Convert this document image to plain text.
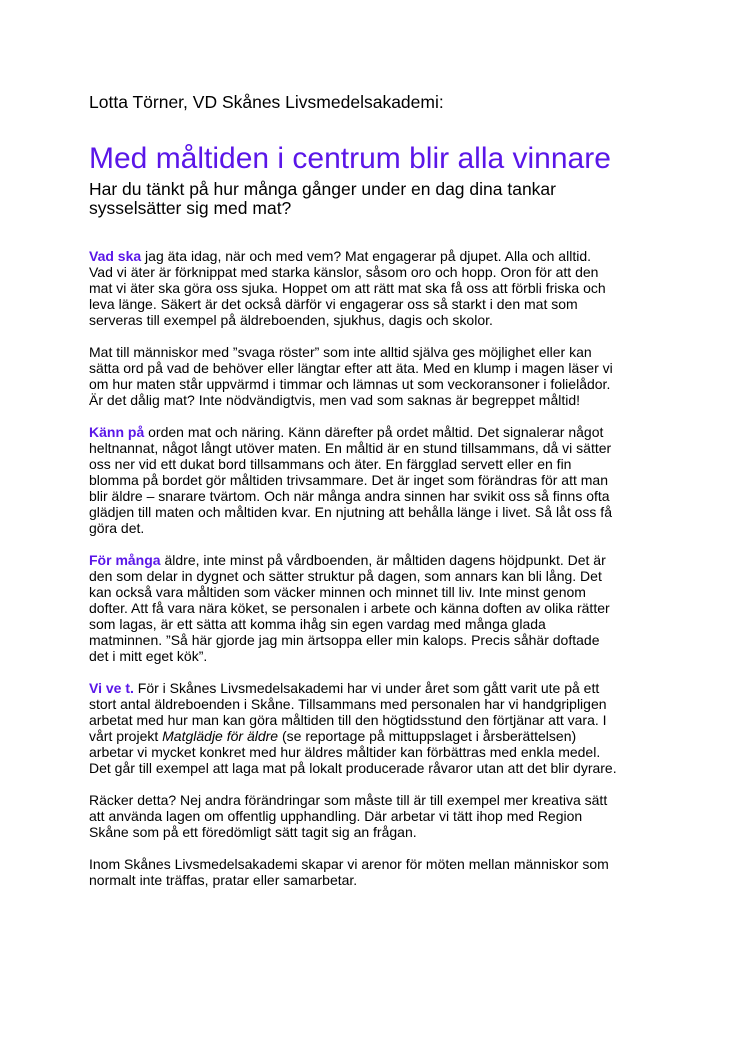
Lotta Törner, VD Skånes Livsmedelsakademi:
Med måltiden i centrum blir alla vinnare
Har du tänkt på hur många gånger under en dag dina tankar
sysselsätter sig med mat?

Vad ska jag äta idag, när och med vem? Mat engagerar på djupet. Alla och alltid.
Vad vi äter är förknippat med starka känslor, såsom oro och hopp. Oron för att den
mat vi äter ska göra oss sjuka. Hoppet om att rätt mat ska få oss att förbli friska och
leva länge. Säkert är det också därför vi engagerar oss så starkt i den mat som
serveras till exempel på äldreboenden, sjukhus, dagis och skolor.

Mat till människor med ”svaga röster” som inte alltid själva ges möjlighet eller kan
sätta ord på vad de behöver eller längtar efter att äta. Med en klump i magen läser vi
om hur maten står uppvärmd i timmar och lämnas ut som veckoransoner i folielådor.
Är det dålig mat? Inte nödvändigtvis, men vad som saknas är begreppet måltid!

Känn på orden mat och näring. Känn därefter på ordet måltid. Det signalerar något
heltnannat, något långt utöver maten. En måltid är en stund tillsammans, då vi sätter
oss ner vid ett dukat bord tillsammans och äter. En färgglad servett eller en fin
blomma på bordet gör måltiden trivsammare. Det är inget som förändras för att man
blir äldre – snarare tvärtom. Och när många andra sinnen har svikit oss så finns ofta
glädjen till maten och måltiden kvar. En njutning att behålla länge i livet. Så låt oss få
göra det.

För många äldre, inte minst på vårdboenden, är måltiden dagens höjdpunkt. Det är
den som delar in dygnet och sätter struktur på dagen, som annars kan bli lång. Det
kan också vara måltiden som väcker minnen och minnet till liv. Inte minst genom
dofter. Att få vara nära köket, se personalen i arbete och känna doften av olika rätter
som lagas, är ett sätta att komma ihåg sin egen vardag med många glada
matminnen. ”Så här gjorde jag min ärtsoppa eller min kalops. Precis såhär doftade
det i mitt eget kök”.

Vi ve t. För i Skånes Livsmedelsakademi har vi under året som gått varit ute på ett
stort antal äldreboenden i Skåne. Tillsammans med personalen har vi handgripligen
arbetat med hur man kan göra måltiden till den högtidsstund den förtjänar att vara. I
vårt projekt Matglädje för äldre (se reportage på mittuppslaget i årsberättelsen)
arbetar vi mycket konkret med hur äldres måltider kan förbättras med enkla medel.
Det går till exempel att laga mat på lokalt producerade råvaror utan att det blir dyrare.

Räcker detta? Nej andra förändringar som måste till är till exempel mer kreativa sätt
att använda lagen om offentlig upphandling. Där arbetar vi tätt ihop med Region
Skåne som på ett föredömligt sätt tagit sig an frågan.

Inom Skånes Livsmedelsakademi skapar vi arenor för möten mellan människor som
normalt inte träffas, pratar eller samarbetar.
